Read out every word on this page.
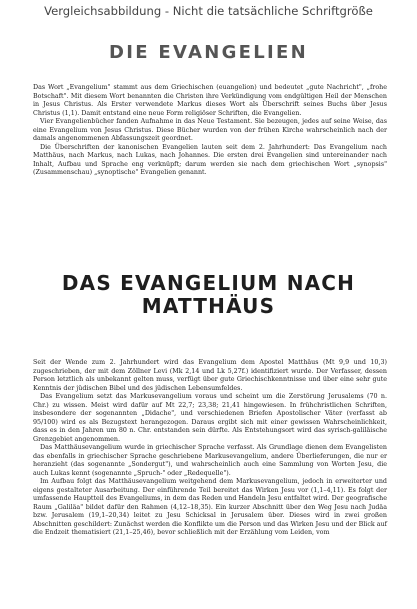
Vergleichsabbildung - Nicht die tatsächliche Schriftgröße
DIE EVANGELIEN

Das Wort „Evangelium" stammt aus dem Griechischen (euangelion) und bedeutet „gute Nachricht", „frohe Botschaft". Mit diesem Wort benannten die Christen ihre Verkündigung vom endgültigen Heil der Menschen in Jesus Christus. Als Erster verwendete Markus dieses Wort als Überschrift seines Buchs über Jesus Christus (1,1). Damit entstand eine neue Form religiöser Schriften, die Evangelien.

Vier Evangelienbücher fanden Aufnahme in das Neue Testament. Sie bezeugen, jedes auf seine Weise, das eine Evangelium von Jesus Christus. Diese Bücher wurden von der frühen Kirche wahrscheinlich nach der damals angenommenen Abfassungszeit geordnet.

Die Überschriften der kanonischen Evangelien lauten seit dem 2. Jahrhundert: Das Evangelium nach Matthäus, nach Markus, nach Lukas, nach Johannes. Die ersten drei Evangelien sind untereinander nach Inhalt, Aufbau und Sprache eng verknüpft; darum werden sie nach dem griechischen Wort „synopsis" (Zusammenschau) „synoptische" Evangelien genannt.

DAS EVANGELIUM NACH
MATTHÄUS

Seit der Wende zum 2. Jahrhundert wird das Evangelium dem Apostel Matthäus (Mt 9,9 und 10,3) zugeschrieben, der mit dem Zöllner Levi (Mk 2,14 und Lk 5,27f.) identifiziert wurde. Der Verfasser, dessen Person letztlich als unbekannt gelten muss, verfügt über gute Griechischkenntnisse und über eine sehr gute Kenntnis der jüdischen Bibel und des jüdischen Lebensumfeldes.

Das Evangelium setzt das Markusevangelium voraus und scheint um die Zerstörung Jerusalems (70 n. Chr.) zu wissen. Meist wird dafür auf Mt 22,7; 23,38; 21,41 hingewiesen. In frühchristlichen Schriften, insbesondere der sogenannten „Didache", und verschiedenen Briefen Apostolischer Väter (verfasst ab 95/100) wird es als Bezugstext herangezogen. Daraus ergibt sich mit einer gewissen Wahrscheinlichkeit, dass es in den Jahren um 80 n. Chr. entstanden sein dürfte. Als Entstehungsort wird das syrisch-galiläische Grenzgebiet angenommen.

Das Matthäusevangelium wurde in griechischer Sprache verfasst. Als Grundlage dienen dem Evangelisten das ebenfalls in griechischer Sprache geschriebene Markusevangelium, andere Überlieferungen, die nur er heranzieht (das sogenannte „Sondergut"), und wahrscheinlich auch eine Sammlung von Worten Jesu, die auch Lukas kennt (sogenannte „Spruch-" oder „Redequelle").

Im Aufbau folgt das Matthäusevangelium weitgehend dem Markusevangelium, jedoch in erweiterter und eigens gestalteter Ausarbeitung. Der einführende Teil bereitet das Wirken Jesu vor (1,1–4,11). Es folgt der umfassende Hauptteil des Evangeliums, in dem das Reden und Handeln Jesu entfaltet wird. Der geografische Raum „Galiläa" bildet dafür den Rahmen (4,12–18,35). Ein kurzer Abschnitt über den Weg Jesu nach Judäa bzw. Jerusalem (19,1–20,34) leitet zu Jesu Schicksal in Jerusalem über. Dieses wird in zwei großen Abschnitten geschildert: Zunächst werden die Konflikte um die Person und das Wirken Jesu und der Blick auf die Endzeit thematisiert (21,1–25,46), bevor schließlich mit der Erzählung vom Leiden, vom
